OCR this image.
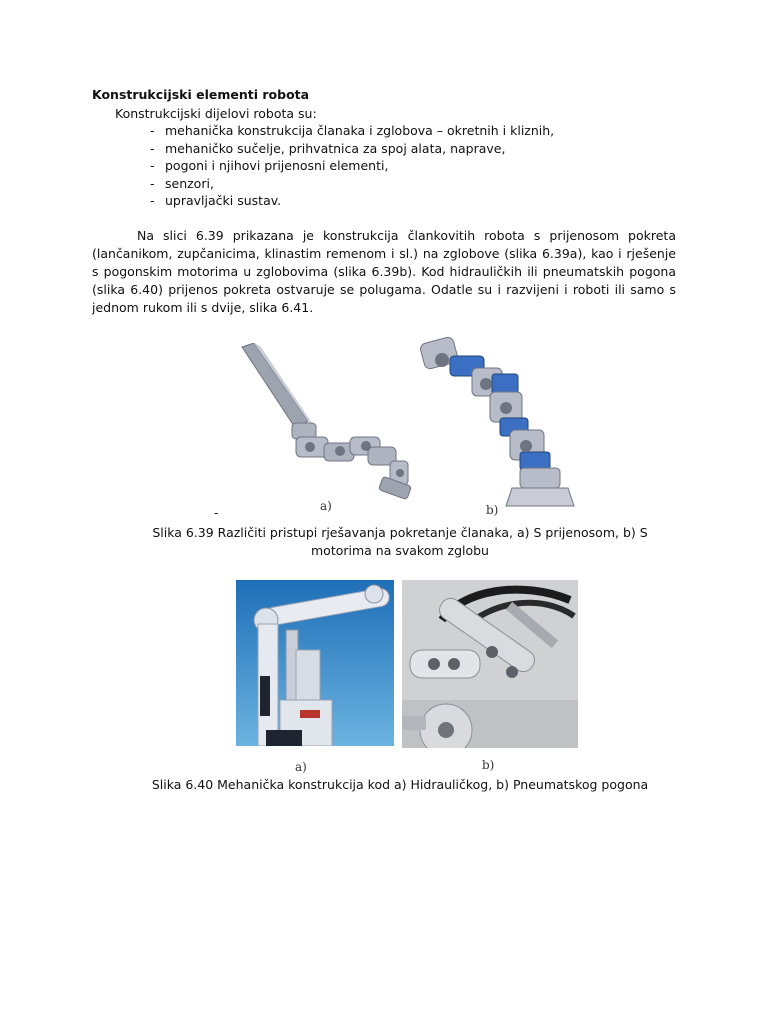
Konstrukcijski elementi robota
Konstrukcijski dijelovi robota su:
- mehanička konstrukcija članaka i zglobova – okretnih i kliznih,
- mehaničko sučelje, prihvatnica za spoj alata, naprave,
- pogoni i njihovi prijenosni elementi,
- senzori,
- upravljački sustav.

Na slici 6.39 prikazana je konstrukcija člankovitih robota s prijenosom pokreta (lančanikom, zupčanicima, klinastim remenom i sl.) na zglobove (slika 6.39a), kao i rješenje s pogonskim motorima u zglobovima (slika 6.39b). Kod hidrauličkih ili pneumatskih pogona (slika 6.40) prijenos pokreta ostvaruje se polugama. Odatle su i razvijeni i roboti ili samo s jednom rukom ili s dvije, slika 6.41.

a)	b)
-
Slika 6.39 Različiti pristupi rješavanja pokretanje članaka, a) S prijenosom, b) S
motorima na svakom zglobu
a)	b)
Slika 6.40 Mehanička konstrukcija kod a) Hidrauličkog, b) Pneumatskog pogona
